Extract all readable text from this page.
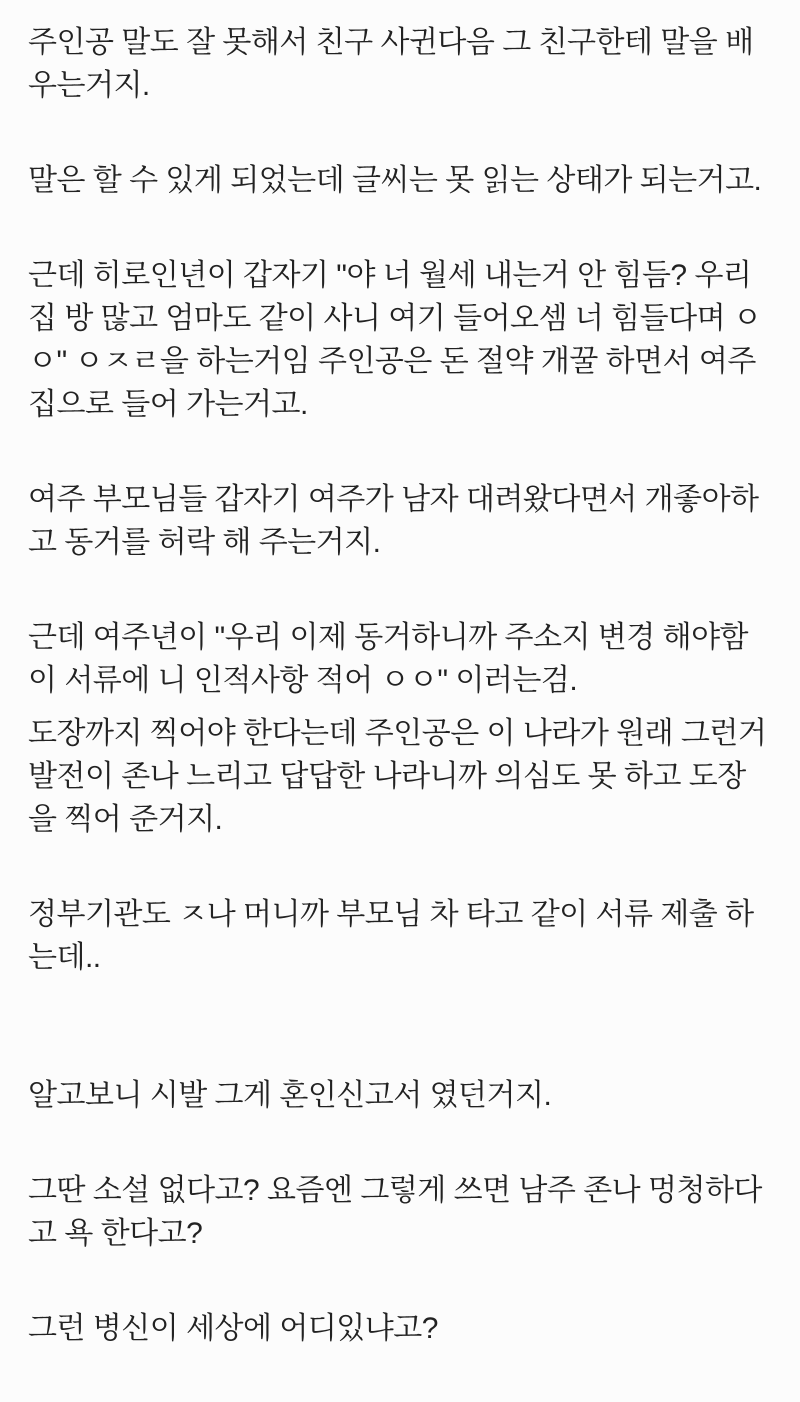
주인공 말도 잘 못해서 친구 사귄다음 그 친구한테 말을 배우는거지.

말은 할 수 있게 되었는데 글씨는 못 읽는 상태가 되는거고.

근데 히로인년이 갑자기 "야 너 월세 내는거 안 힘듬? 우리집 방 많고 엄마도 같이 사니 여기 들어오셈 너 힘들다며 ㅇㅇ" ㅇㅈㄹ을 하는거임 주인공은 돈 절약 개꿀 하면서 여주 집으로 들어 가는거고.

여주 부모님들 갑자기 여주가 남자 대려왔다면서 개좋아하고 동거를 허락 해 주는거지.

근데 여주년이 "우리 이제 동거하니까 주소지 변경 해야함 이 서류에 니 인적사항 적어 ㅇㅇ" 이러는검.

도장까지 찍어야 한다는데 주인공은 이 나라가 원래 그런거 발전이 존나 느리고 답답한 나라니까 의심도 못 하고 도장을 찍어 준거지.

정부기관도 ㅈ나 머니까 부모님 차 타고 같이 서류 제출 하는데..

알고보니 시발 그게 혼인신고서 였던거지.

그딴 소설 없다고? 요즘엔 그렇게 쓰면 남주 존나 멍청하다고 욕 한다고?

그런 병신이 세상에 어디있냐고?
